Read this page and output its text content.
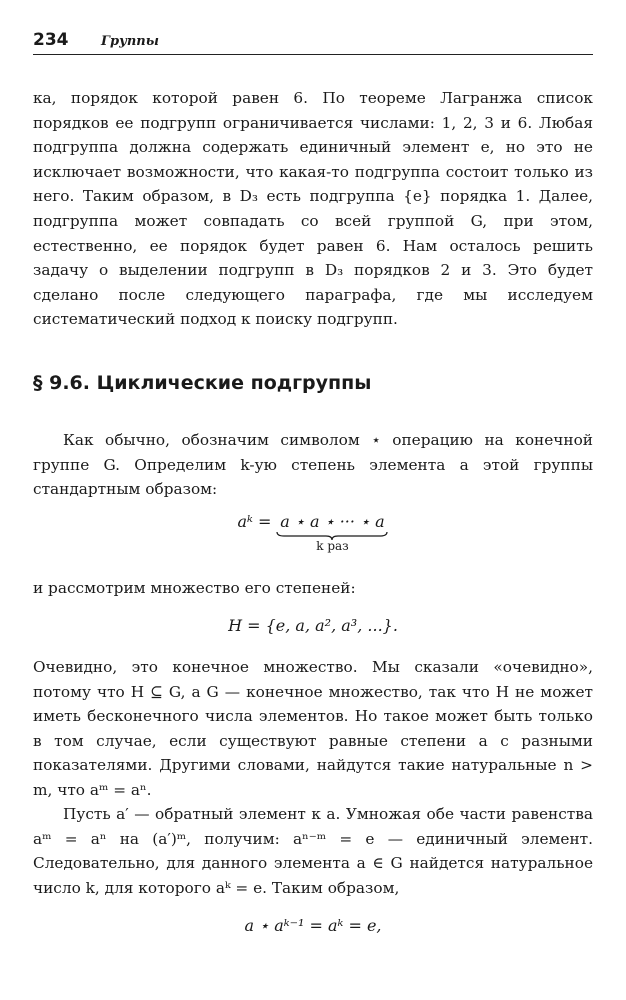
234	Группы

ка, порядок которой равен 6. По теореме Лагранжа список порядков ее подгрупп ограничивается числами: 1, 2, 3 и 6. Любая подгруппа должна содержать единичный элемент e, но это не исключает возможности, что какая-то подгруппа состоит только из него. Таким образом, в D₃ есть подгруппа {e} порядка 1. Далее, подгруппа может совпадать со всей группой G, при этом, естественно, ее порядок будет равен 6. Нам осталось решить задачу о выделении подгрупп в D₃ порядков 2 и 3. Это будет сделано после следующего параграфа, где мы исследуем систематический подход к поиску подгрупп.

§ 9.6. Циклические подгруппы

Как обычно, обозначим символом ⋆ операцию на конечной группе G. Определим k-ую степень элемента a этой группы стандартным образом:

aᵏ = a ⋆ a ⋆ ··· ⋆ a
k раз

и рассмотрим множество его степеней:

H = {e, a, a², a³, ...}.

Очевидно, это конечное множество. Мы сказали «очевидно», потому что H ⊆ G, а G — конечное множество, так что H не может иметь бесконечного числа элементов. Но такое может быть только в том случае, если существуют равные степени a с разными показателями. Другими словами, найдутся такие натуральные n > m, что aᵐ = aⁿ.

Пусть a′ — обратный элемент к a. Умножая обе части равенства aᵐ = aⁿ на (a′)ᵐ, получим: aⁿ⁻ᵐ = e — единичный элемент. Следовательно, для данного элемента a ∈ G найдется натуральное число k, для которого aᵏ = e. Таким образом,

a ⋆ aᵏ⁻¹ = aᵏ = e,
